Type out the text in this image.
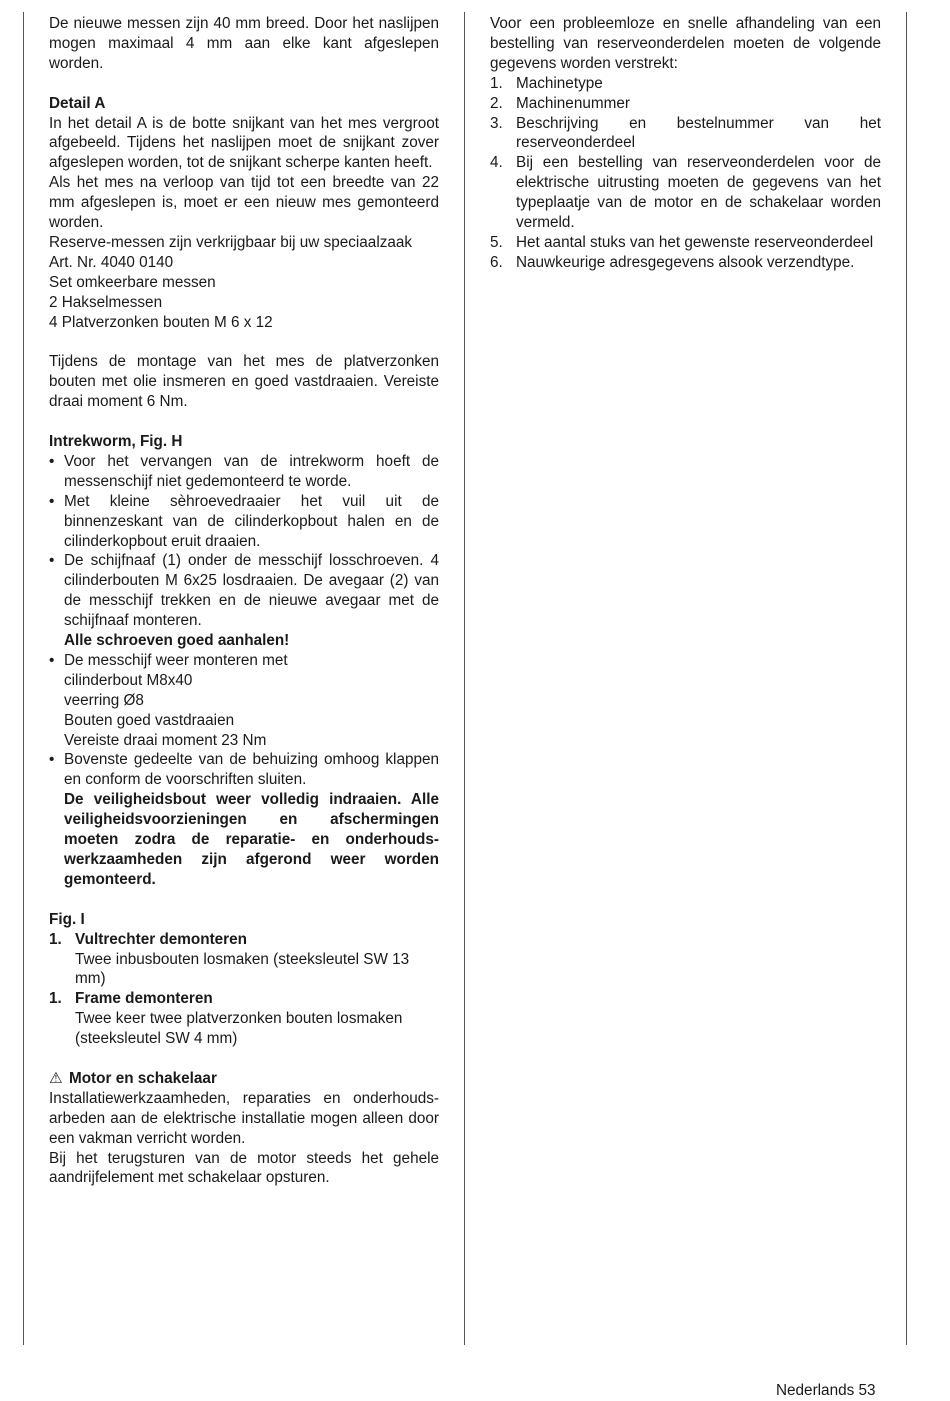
De nieuwe messen zijn 40 mm breed. Door het naslijpen mogen maximaal 4 mm aan elke kant afgeslepen worden.

Detail A

In het detail A is de botte snijkant van het mes vergroot afgebeeld. Tijdens het naslijpen moet de snijkant zover afgeslepen worden, tot de snijkant scherpe kanten heeft.

Als het mes na verloop van tijd tot een breedte van 22 mm afgeslepen is, moet er een nieuw mes gemonteerd worden.

Reserve-messen zijn verkrijgbaar bij uw speciaalzaak
Art. Nr. 4040 0140
Set omkeerbare messen
2 Hakselmessen
4 Platverzonken bouten M 6 x 12

Tijdens de montage van het mes de platverzonken bouten met olie insmeren en goed vastdraaien. Vereiste draai moment 6 Nm.

Intrekworm, Fig. H
• Voor het vervangen van de intrekworm hoeft de messenschijf niet gedemonteerd te worde.
• Met kleine sèhroevedraaier het vuil uit de binnenzeskant van de cilinderkopbout halen en de cilinderkopbout eruit draaien.
• De schijfnaaf (1) onder de messchijf losschroeven. 4 cilinderbouten M 6x25 losdraaien. De avegaar (2) van de messchijf trekken en de nieuwe avegaar met de schijfnaaf monteren.
Alle schroeven goed aanhalen!
• De messchijf weer monteren met
cilinderbout M8x40
veerring Ø8
Bouten goed vastdraaien
Vereiste draai moment 23 Nm
• Bovenste gedeelte van de behuizing omhoog klappen en conform de voorschriften sluiten.
De veiligheidsbout weer volledig indraaien. Alle veiligheidsvoorzieningen en afschermingen moeten zodra de reparatie- en onderhouds-werkzaamheden zijn afgerond weer worden gemonteerd.
Fig. I
1. Vultrechter demonteren
Twee inbusbouten losmaken (steeksleutel SW 13 mm)
1. Frame demonteren
Twee keer twee platverzonken bouten losmaken (steeksleutel SW 4 mm)
⚠ Motor en schakelaar

Installatiewerkzaamheden, reparaties en onderhouds-arbeden aan de elektrische installatie mogen alleen door een vakman verricht worden.

Bij het terugsturen van de motor steeds het gehele aandrijfelement met schakelaar opsturen.

Voor een probleemloze en snelle afhandeling van een bestelling van reserveonderdelen moeten de volgende gegevens worden verstrekt:

1. Machinetype
2. Machinenummer
3. Beschrijving en bestelnummer van het reserveonderdeel
4. Bij een bestelling van reserveonderdelen voor de elektrische uitrusting moeten de gegevens van het typeplaatje van de motor en de schakelaar worden vermeld.
5. Het aantal stuks van het gewenste reserveonderdeel
6. Nauwkeurige adresgegevens alsook verzendtype.
Nederlands 53
